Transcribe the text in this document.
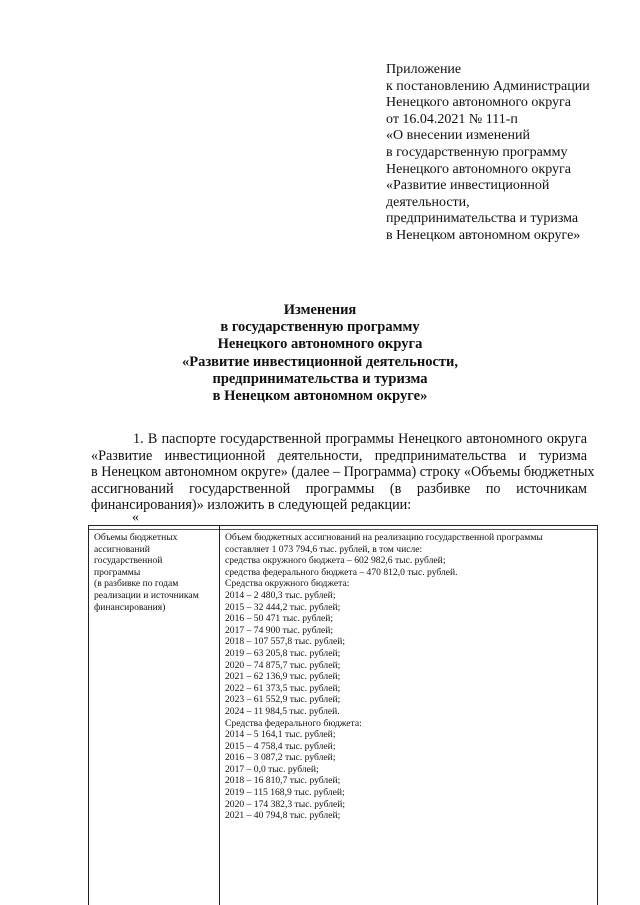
Приложение
к постановлению Администрации
Ненецкого автономного округа
от 16.04.2021 № 111-п
«О внесении изменений
в государственную программу
Ненецкого автономного округа
«Развитие инвестиционной
деятельности,
предпринимательства и туризма
в Ненецком автономном округе»
Изменения
в государственную программу
Ненецкого автономного округа
«Развитие инвестиционной деятельности,
предпринимательства и туризма
в Ненецком автономном округе»
1. В паспорте государственной программы Ненецкого автономного округа
«Развитие инвестиционной деятельности, предпринимательства и туризма
в Ненецком автономном округе» (далее – Программа) строку «Объемы бюджетных
ассигнований государственной программы (в разбивке по источникам
финансирования)» изложить в следующей редакции:
«
Объемы бюджетных
ассигнований
государственной
программы
(в разбивке по годам
реализации и источникам
финансирования)
Объем бюджетных ассигнований на реализацию государственной программы
составляет 1 073 794,6 тыс. рублей, в том числе:
средства окружного бюджета – 602 982,6 тыс. рублей;
средства федерального бюджета – 470 812,0 тыс. рублей.
Средства окружного бюджета:
2014 – 2 480,3 тыс. рублей;
2015 – 32 444,2 тыс. рублей;
2016 – 50 471 тыс. рублей;
2017 – 74 900 тыс. рублей;
2018 – 107 557,8 тыс. рублей;
2019 – 63 205,8 тыс. рублей;
2020 – 74 875,7 тыс. рублей;
2021 – 62 136,9 тыс. рублей;
2022 – 61 373,5 тыс. рублей;
2023 – 61 552,9 тыс. рублей;
2024 – 11 984,5 тыс. рублей.
Средства федерального бюджета:
2014 – 5 164,1 тыс. рублей;
2015 – 4 758,4 тыс. рублей;
2016 – 3 087,2 тыс. рублей;
2017 – 0,0 тыс. рублей;
2018 – 16 810,7 тыс. рублей;
2019 – 115 168,9 тыс. рублей;
2020 – 174 382,3 тыс. рублей;
2021 – 40 794,8 тыс. рублей;
